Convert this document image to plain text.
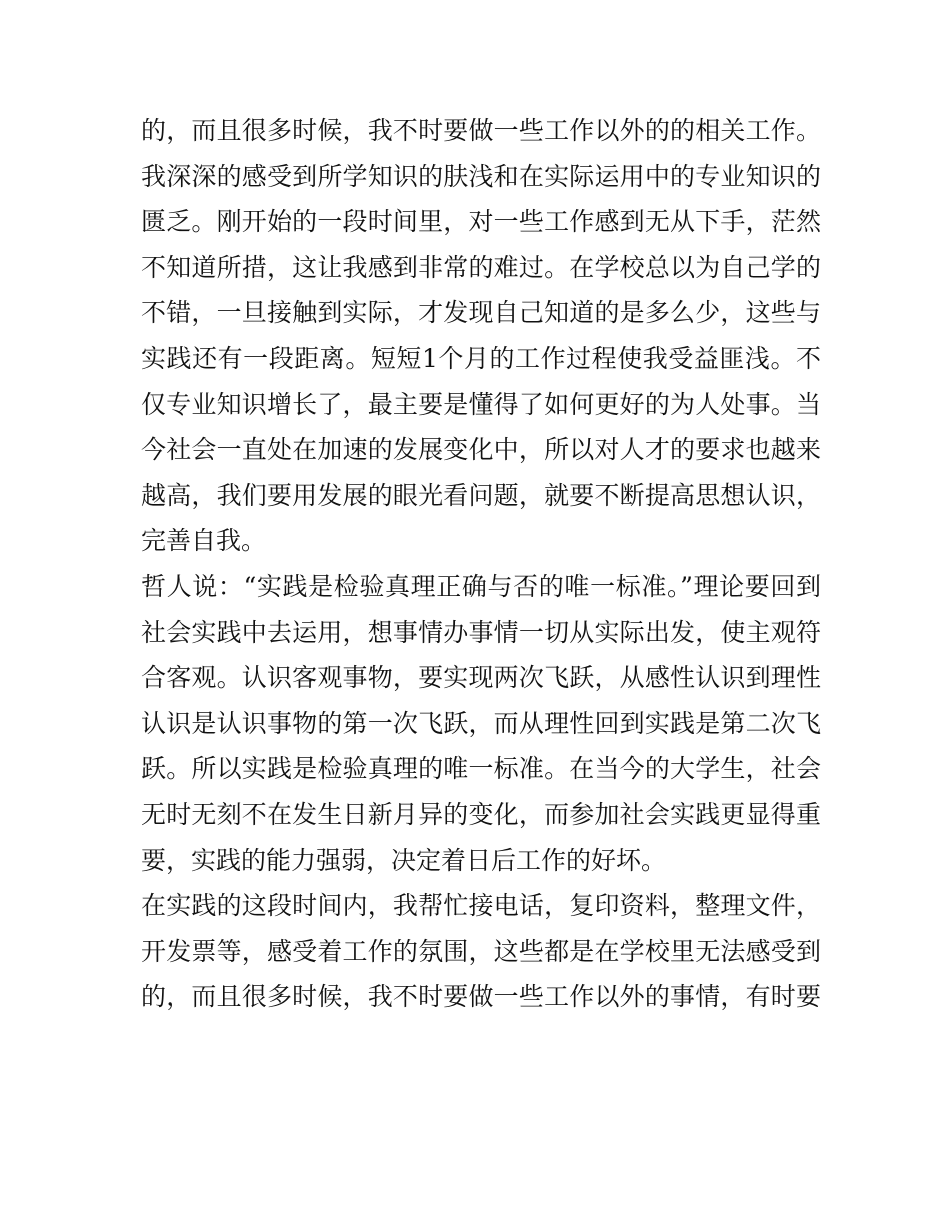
的，而且很多时候，我不时要做一些工作以外的的相关工作。
我深深的感受到所学知识的肤浅和在实际运用中的专业知识的
匮乏。刚开始的一段时间里，对一些工作感到无从下手，茫然
不知道所措，这让我感到非常的难过。在学校总以为自己学的
不错，一旦接触到实际，才发现自己知道的是多么少，这些与
实践还有一段距离。短短1个月的工作过程使我受益匪浅。不
仅专业知识增长了，最主要是懂得了如何更好的为人处事。当
今社会一直处在加速的发展变化中，所以对人才的要求也越来
越高，我们要用发展的眼光看问题，就要不断提高思想认识，
完善自我。
哲人说：“实践是检验真理正确与否的唯一标准。”理论要回到
社会实践中去运用，想事情办事情一切从实际出发，使主观符
合客观。认识客观事物，要实现两次飞跃，从感性认识到理性
认识是认识事物的第一次飞跃，而从理性回到实践是第二次飞
跃。所以实践是检验真理的唯一标准。在当今的大学生，社会
无时无刻不在发生日新月异的变化，而参加社会实践更显得重
要，实践的能力强弱，决定着日后工作的好坏。
在实践的这段时间内，我帮忙接电话，复印资料，整理文件，
开发票等，感受着工作的氛围，这些都是在学校里无法感受到
的，而且很多时候，我不时要做一些工作以外的事情，有时要
